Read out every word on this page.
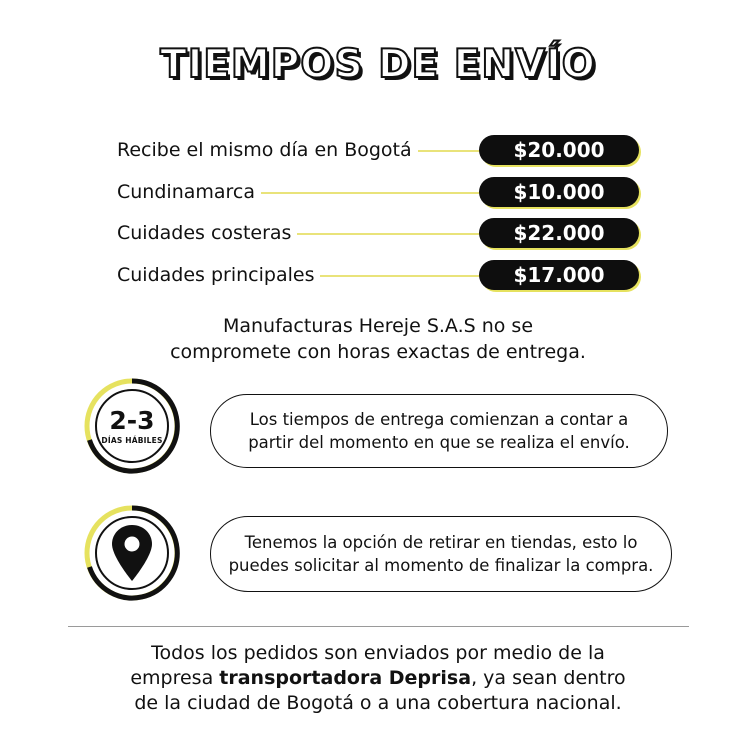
TIEMPOS DE ENVÍO
Recibe el mismo día en Bogotá	$20.000
Cundinamarca	$10.000
Cuidades costeras	$22.000
Cuidades principales	$17.000
Manufacturas Hereje S.A.S no se
compromete con horas exactas de entrega.
2-3
DÍAS HÁBILES
Los tiempos de entrega comienzan a contar a
partir del momento en que se realiza el envío.
Tenemos la opción de retirar en tiendas, esto lo
puedes solicitar al momento de finalizar la compra.
Todos los pedidos son enviados por medio de la
empresa transportadora Deprisa, ya sean dentro
de la ciudad de Bogotá o a una cobertura nacional.
